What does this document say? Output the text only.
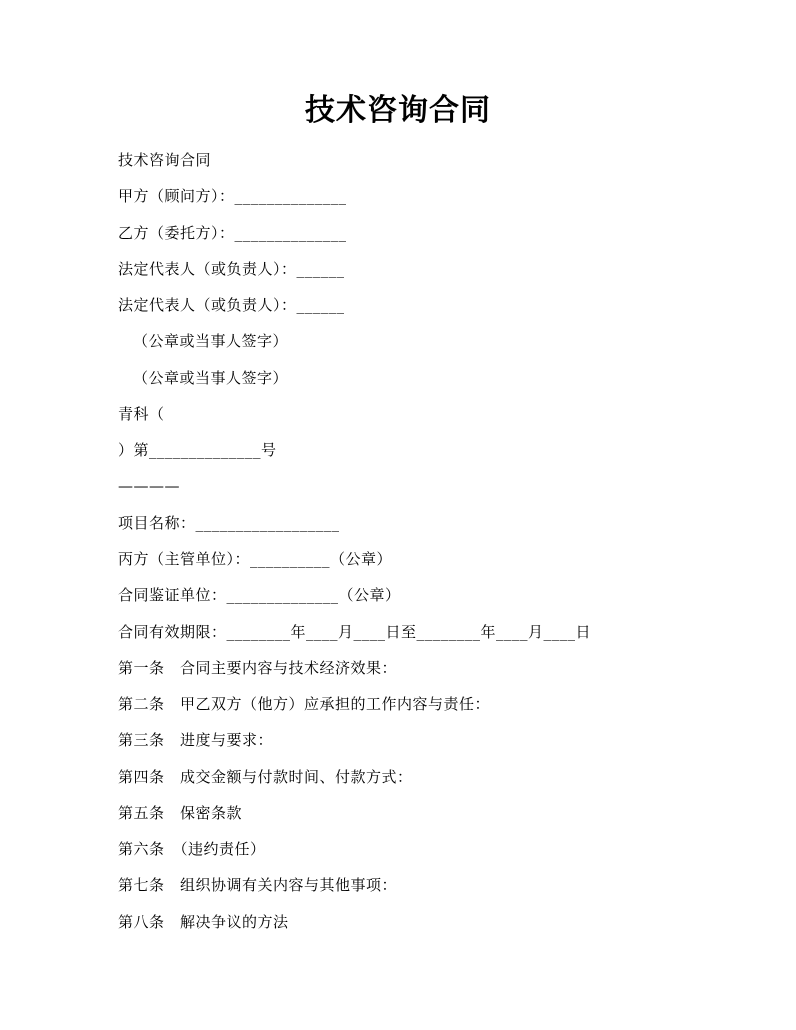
技术咨询合同
技术咨询合同
甲方（顾问方）：______________
乙方（委托方）：______________
法定代表人（或负责人）：______
法定代表人（或负责人）：______
（公章或当事人签字）
（公章或当事人签字）
青科（
）第______________号
————
项目名称：__________________
丙方（主管单位）：__________（公章）
合同鉴证单位：______________（公章）
合同有效期限：________年____月____日至________年____月____日
第一条　合同主要内容与技术经济效果：
第二条　甲乙双方（他方）应承担的工作内容与责任：
第三条　进度与要求：
第四条　成交金额与付款时间、付款方式：
第五条　保密条款
第六条　（违约责任）
第七条　组织协调有关内容与其他事项：
第八条　解决争议的方法
